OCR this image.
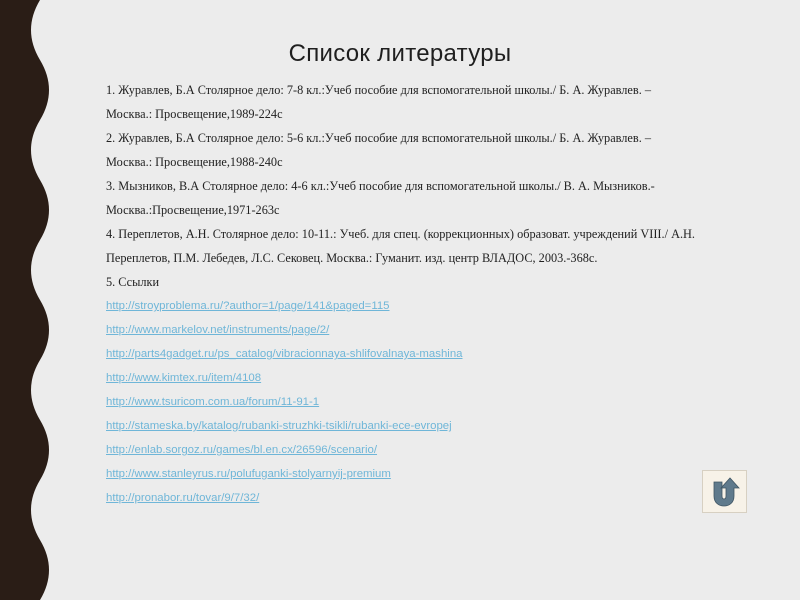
Список литературы

1. Журавлев, Б.А Столярное дело: 7-8 кл.:Учеб пособие для вспомогательной школы./ Б. А. Журавлев. –

Москва.: Просвещение,1989-224с

2. Журавлев, Б.А Столярное дело: 5-6 кл.:Учеб пособие для вспомогательной школы./ Б. А. Журавлев. –

Москва.: Просвещение,1988-240с

3. Мызников, В.А Столярное дело: 4-6 кл.:Учеб пособие для вспомогательной школы./ В. А. Мызников.-

Москва.:Просвещение,1971-263с

4. Переплетов, А.Н. Столярное дело: 10-11.: Учеб. для спец. (коррекционных) образоват. учреждений VIII./ А.Н.

Переплетов, П.М. Лебедев, Л.С. Сековец. Москва.: Гуманит. изд. центр ВЛАДОС, 2003.-368с.

5. Ссылки

http://stroyproblema.ru/?author=1/page/141&paged=115
http://www.markelov.net/instruments/page/2/
http://parts4gadget.ru/ps_catalog/vibracionnaya-shlifovalnaya-mashina
http://www.kimtex.ru/item/4108
http://www.tsuricom.com.ua/forum/11-91-1
http://stameska.by/katalog/rubanki-struzhki-tsikli/rubanki-ece-evropej
http://enlab.sorgoz.ru/games/bl.en.cx/26596/scenario/
http://www.stanleyrus.ru/polufuganki-stolyarnyij-premium
http://pronabor.ru/tovar/9/7/32/
